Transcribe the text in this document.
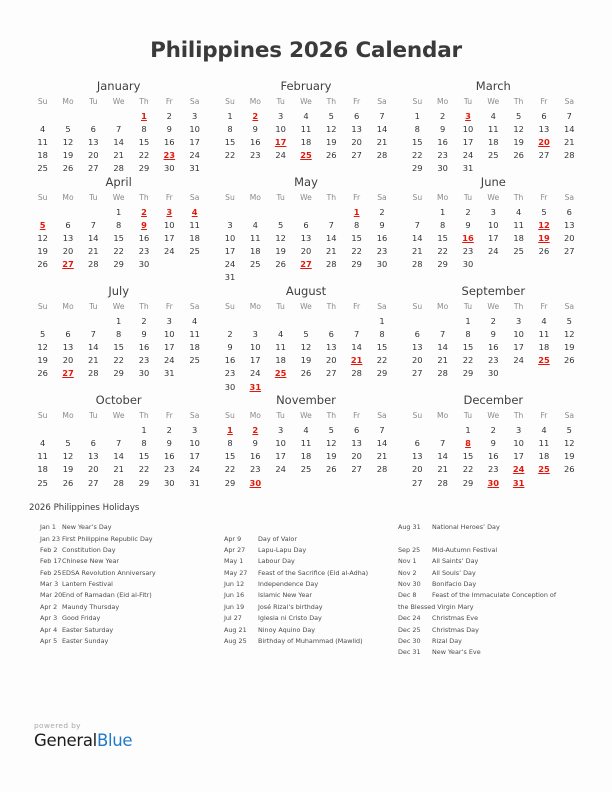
Philippines 2026 Calendar
January
Su	Mo	Tu	We	Th	Fr	Sa
				1	2	3
4	5	6	7	8	9	10
11	12	13	14	15	16	17
18	19	20	21	22	23	24
25	26	27	28	29	30	31
February
Su	Mo	Tu	We	Th	Fr	Sa
1	2	3	4	5	6	7
8	9	10	11	12	13	14
15	16	17	18	19	20	21
22	23	24	25	26	27	28
March
Su	Mo	Tu	We	Th	Fr	Sa
1	2	3	4	5	6	7
8	9	10	11	12	13	14
15	16	17	18	19	20	21
22	23	24	25	26	27	28
29	30	31				
April
Su	Mo	Tu	We	Th	Fr	Sa
			1	2	3	4
5	6	7	8	9	10	11
12	13	14	15	16	17	18
19	20	21	22	23	24	25
26	27	28	29	30		
May
Su	Mo	Tu	We	Th	Fr	Sa
					1	2
3	4	5	6	7	8	9
10	11	12	13	14	15	16
17	18	19	20	21	22	23
24	25	26	27	28	29	30
31						
June
Su	Mo	Tu	We	Th	Fr	Sa
	1	2	3	4	5	6
7	8	9	10	11	12	13
14	15	16	17	18	19	20
21	22	23	24	25	26	27
28	29	30				
July
Su	Mo	Tu	We	Th	Fr	Sa
			1	2	3	4
5	6	7	8	9	10	11
12	13	14	15	16	17	18
19	20	21	22	23	24	25
26	27	28	29	30	31	
August
Su	Mo	Tu	We	Th	Fr	Sa
						1
2	3	4	5	6	7	8
9	10	11	12	13	14	15
16	17	18	19	20	21	22
23	24	25	26	27	28	29
30	31					
September
Su	Mo	Tu	We	Th	Fr	Sa
		1	2	3	4	5
6	7	8	9	10	11	12
13	14	15	16	17	18	19
20	21	22	23	24	25	26
27	28	29	30			
October
Su	Mo	Tu	We	Th	Fr	Sa
				1	2	3
4	5	6	7	8	9	10
11	12	13	14	15	16	17
18	19	20	21	22	23	24
25	26	27	28	29	30	31
November
Su	Mo	Tu	We	Th	Fr	Sa
1	2	3	4	5	6	7
8	9	10	11	12	13	14
15	16	17	18	19	20	21
22	23	24	25	26	27	28
29	30					
December
Su	Mo	Tu	We	Th	Fr	Sa
		1	2	3	4	5
6	7	8	9	10	11	12
13	14	15	16	17	18	19
20	21	22	23	24	25	26
27	28	29	30	31		
2026 Philippines Holidays
Jan 1 New Year’s Day
Jan 23 First Philippine Republic Day
Feb 2 Constitution Day
Feb 17 Chinese New Year
Feb 25 EDSA Revolution Anniversary
Mar 3 Lantern Festival
Mar 20 End of Ramadan (Eid al-Fitr)
Apr 2 Maundy Thursday
Apr 3 Good Friday
Apr 4 Easter Saturday
Apr 5 Easter Sunday
Apr 9	Day of Valor
Apr 27	Lapu-Lapu Day
May 1	Labour Day
May 27	Feast of the Sacrifice (Eid al-Adha)
Jun 12	Independence Day
Jun 16	Islamic New Year
Jun 19	José Rizal’s birthday
Jul 27	Iglesia ni Cristo Day
Aug 21	Ninoy Aquino Day
Aug 25	Birthday of Muhammad (Mawlid)
Aug 31	National Heroes’ Day
Sep 25	Mid-Autumn Festival
Nov 1	All Saints’ Day
Nov 2	All Souls’ Day
Nov 30	Bonifacio Day
Dec 8	Feast of the Immaculate Conception of
the Blessed Virgin Mary
Dec 24	Christmas Eve
Dec 25	Christmas Day
Dec 30	Rizal Day
Dec 31	New Year’s Eve
powered by
GeneralBlue
